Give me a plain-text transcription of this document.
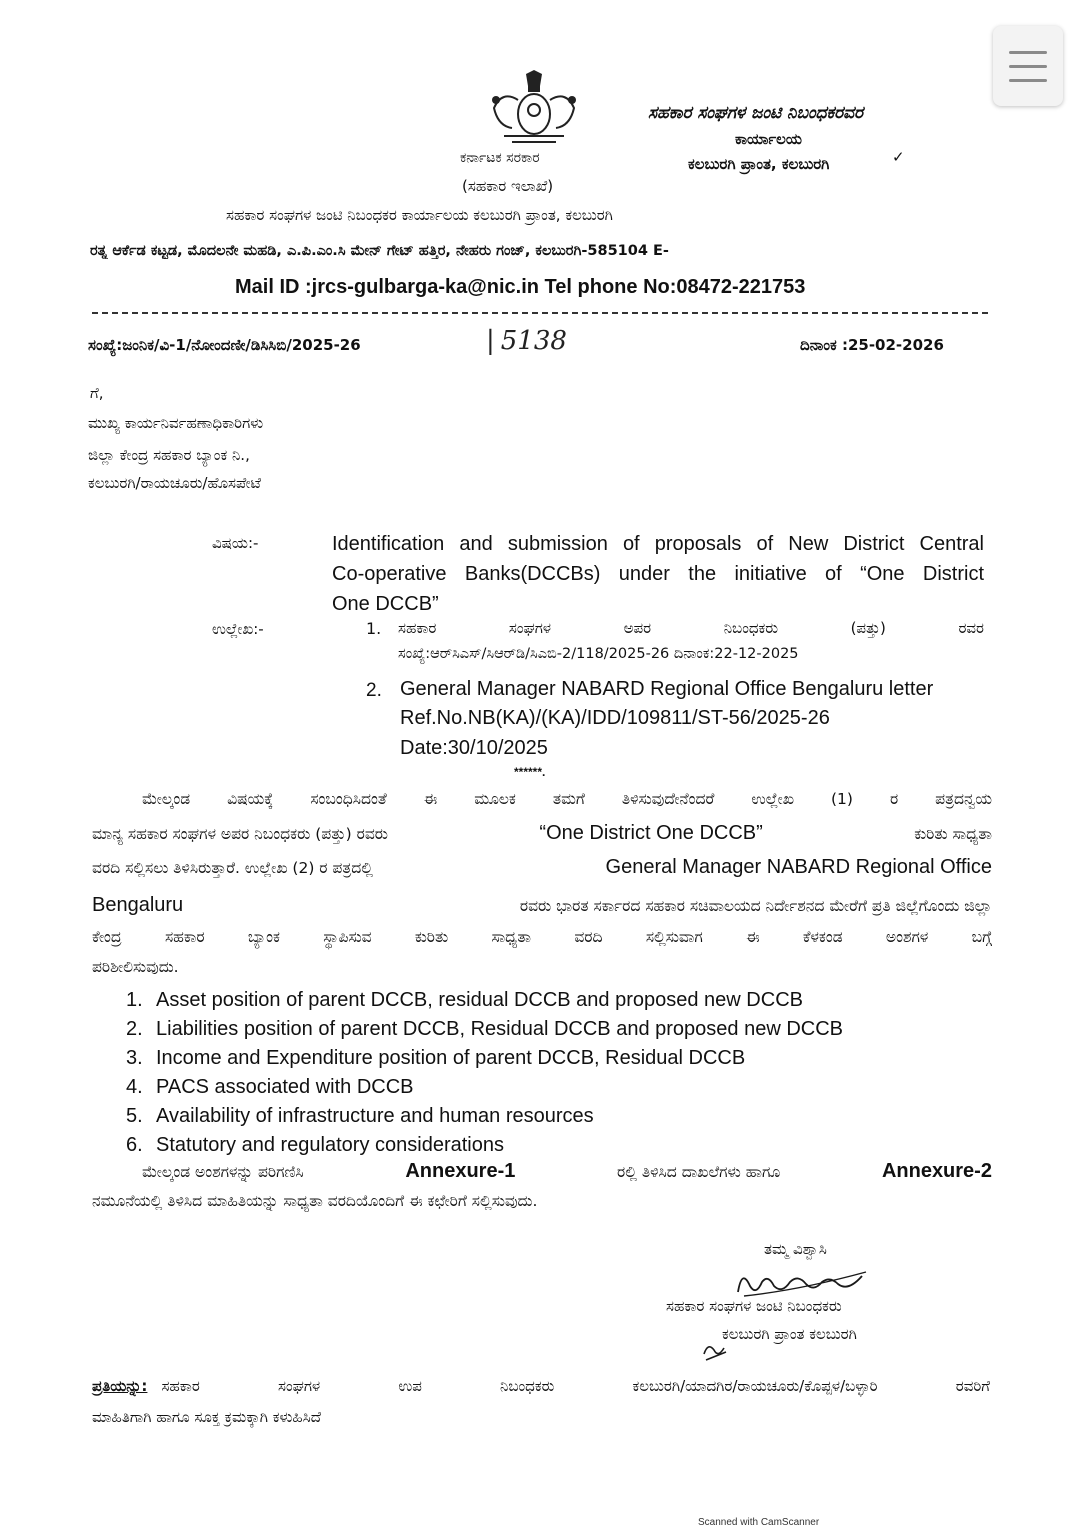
ಸಹಕಾರ ಸಂಘಗಳ ಜಂಟಿ ನಿಬಂಧಕರವರ
ಕಾರ್ಯಾಲಯ
ಕಲಬುರಗಿ ಪ್ರಾಂತ, ಕಲಬುರಗಿ	✓
ಕರ್ನಾಟಕ ಸರಕಾರ
(ಸಹಕಾರ ಇಲಾಖೆ)
ಸಹಕಾರ ಸಂಘಗಳ ಜಂಟಿ ನಿಬಂಧಕರ ಕಾರ್ಯಾಲಯ ಕಲಬುರಗಿ ಪ್ರಾಂತ, ಕಲಬುರಗಿ
ರತ್ನ ಆರ್ಕೆಡ ಕಟ್ಟಡ, ಮೊದಲನೇ ಮಹಡಿ, ಎ.ಪಿ.ಎಂ.ಸಿ ಮೇನ್ ಗೇಟ್ ಹತ್ತಿರ, ನೇಹರು ಗಂಜ್, ಕಲಬುರಗಿ-585104 E-
Mail ID :jrcs-gulbarga-ka@nic.in Tel phone No:08472-221753
ಸಂಖ್ಯೆ:ಜಂನಿಕ/ವಿ-1/ನೋಂದಣೀ/ಡಿಸಿಸಿಬಿ/2025-26	| 5138	ದಿನಾಂಕ :25-02-2026
ಗೆ,
ಮುಖ್ಯ ಕಾರ್ಯನಿರ್ವಹಣಾಧಿಕಾರಿಗಳು
ಜಿಲ್ಲಾ ಕೇಂದ್ರ ಸಹಕಾರ ಬ್ಯಾಂಕ ನಿ.,
ಕಲಬುರಗಿ/ರಾಯಚೂರು/ಹೊಸಪೇಟೆ
ವಿಷಯ:-	Identification and submission of proposals of New District Central
Co-operative Banks(DCCBs) under the initiative of “One District
One DCCB”
ಉಲ್ಲೇಖ:-	1. ಸಹಕಾರ ಸಂಘಗಳ ಅಪರ ನಿಬಂಧಕರು (ಪತ್ತು) ರವರ
ಸಂಖ್ಯೆ:ಆರ್‌ಸಿಎಸ್/ಸಿಆರ್‌ಡಿ/ಸಿಎಬಿ-2/118/2025-26 ದಿನಾಂಕ:22-12-2025
2. General Manager NABARD Regional Office Bengaluru letter
Ref.No.NB(KA)/(KA)/IDD/109811/ST-56/2025-26
Date:30/10/2025
******.
ಮೇಲ್ಕಂಡ ವಿಷಯಕ್ಕೆ ಸಂಬಂಧಿಸಿದಂತೆ ಈ ಮೂಲಕ ತಮಗೆ ತಿಳಿಸುವುದೇನೆಂದರೆ ಉಲ್ಲೇಖ (1) ರ ಪತ್ರದನ್ವಯ
ಮಾನ್ಯ ಸಹಕಾರ ಸಂಘಗಳ ಅಪರ ನಿಬಂಧಕರು (ಪತ್ತು) ರವರು	“One District One DCCB”	ಕುರಿತು ಸಾಧ್ಯತಾ
ವರದಿ ಸಲ್ಲಿಸಲು ತಿಳಿಸಿರುತ್ತಾರೆ. ಉಲ್ಲೇಖ (2) ರ ಪತ್ರದಲ್ಲಿ	General Manager NABARD Regional Office
Bengaluru	ರವರು ಭಾರತ ಸರ್ಕಾರದ ಸಹಕಾರ ಸಚಿವಾಲಯದ ನಿರ್ದೇಶನದ ಮೇರೆಗೆ ಪ್ರತಿ ಜಿಲ್ಲೆಗೊಂದು ಜಿಲ್ಲಾ
ಕೇಂದ್ರ ಸಹಕಾರ ಬ್ಯಾಂಕ ಸ್ಥಾಪಿಸುವ ಕುರಿತು ಸಾಧ್ಯತಾ ವರದಿ ಸಲ್ಲಿಸುವಾಗ ಈ ಕೆಳಕಂಡ ಅಂಶಗಳ ಬಗ್ಗೆ
ಪರಿಶೀಲಿಸುವುದು.
1. Asset position of parent DCCB, residual DCCB and proposed new DCCB
2. Liabilities position of parent DCCB, Residual DCCB and proposed new DCCB
3. Income and Expenditure position of parent DCCB, Residual DCCB
4. PACS associated with DCCB
5. Availability of infrastructure and human resources
6. Statutory and regulatory considerations
ಮೇಲ್ಕಂಡ ಅಂಶಗಳನ್ನು ಪರಿಗಣಿಸಿ	Annexure-1	ರಲ್ಲಿ ತಿಳಿಸಿದ ದಾಖಲೆಗಳು ಹಾಗೂ	Annexure-2
ನಮೂನೆಯಲ್ಲಿ ತಿಳಿಸಿದ ಮಾಹಿತಿಯನ್ನು ಸಾಧ್ಯತಾ ವರದಿಯೊಂದಿಗೆ ಈ ಕಛೇರಿಗೆ ಸಲ್ಲಿಸುವುದು.
ತಮ್ಮ ವಿಶ್ವಾಸಿ
ಸಹಕಾರ ಸಂಘಗಳ ಜಂಟಿ ನಿಬಂಧಕರು
ಕಲಬುರಗಿ ಪ್ರಾಂತ ಕಲಬುರಗಿ
ಪ್ರತಿಯನ್ನು: ಸಹಕಾರ ಸಂಘಗಳ ಉಪ ನಿಬಂಧಕರು ಕಲಬುರಗಿ/ಯಾದಗಿರ/ರಾಯಚೂರು/ಕೊಪ್ಪಳ/ಬಳ್ಳಾರಿ ರವರಿಗೆ
ಮಾಹಿತಿಗಾಗಿ ಹಾಗೂ ಸೂಕ್ತ ಕ್ರಮಕ್ಕಾಗಿ ಕಳುಹಿಸಿದೆ
Scanned with CamScanner
